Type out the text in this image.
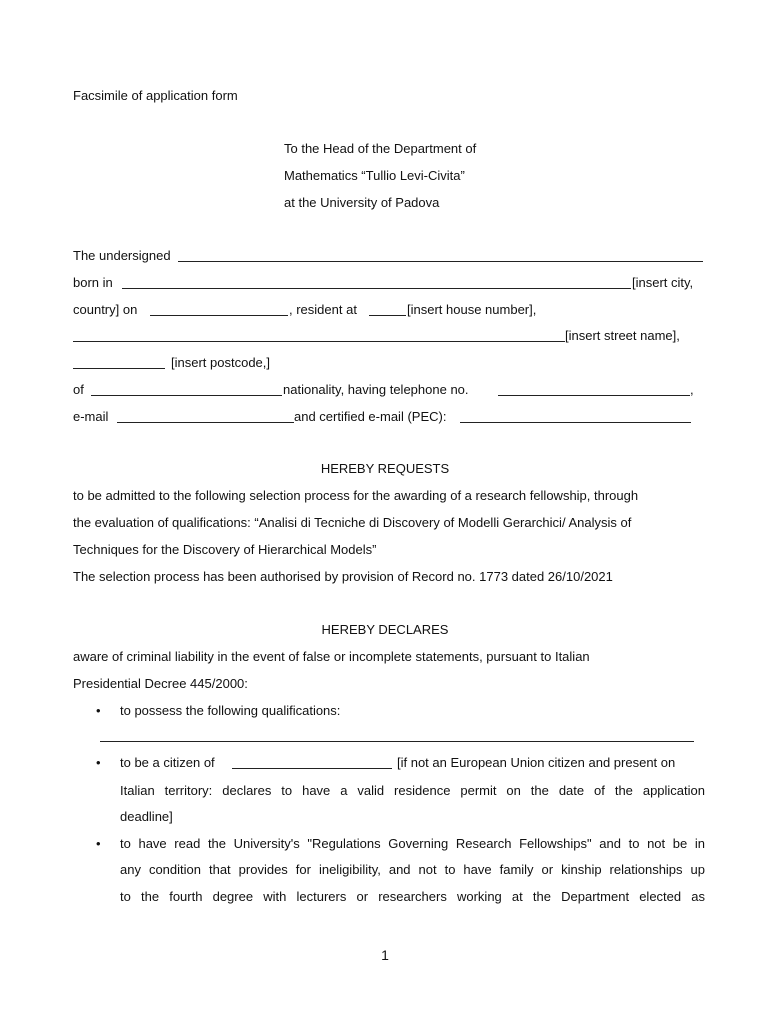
Facsimile of application form
To the Head of the Department of
Mathematics “Tullio Levi-Civita”
at the University of Padova
The undersigned
born in	[insert city,
country] on	, resident at	[insert house number],
[insert street name],
[insert postcode,]
of	nationality, having telephone no.	,
e-mail	and certified e-mail (PEC):
HEREBY REQUESTS
to be admitted to the following selection process for the awarding of a research fellowship, through
the evaluation of qualifications: “Analisi di Tecniche di Discovery of Modelli Gerarchici/ Analysis of
Techniques for the Discovery of Hierarchical Models”
The selection process has been authorised by provision of Record no. 1773 dated 26/10/2021
HEREBY DECLARES
aware of criminal liability in the event of false or incomplete statements, pursuant to Italian
Presidential Decree 445/2000:
• to possess the following qualifications:
• to be a citizen of	[if not an European Union citizen and present on
Italian territory: declares to have a valid residence permit on the date of the application
deadline]
• to have read the University's "Regulations Governing Research Fellowships" and to not be in
any condition that provides for ineligibility, and not to have family or kinship relationships up
to the fourth degree with lecturers or researchers working at the Department elected as
1
